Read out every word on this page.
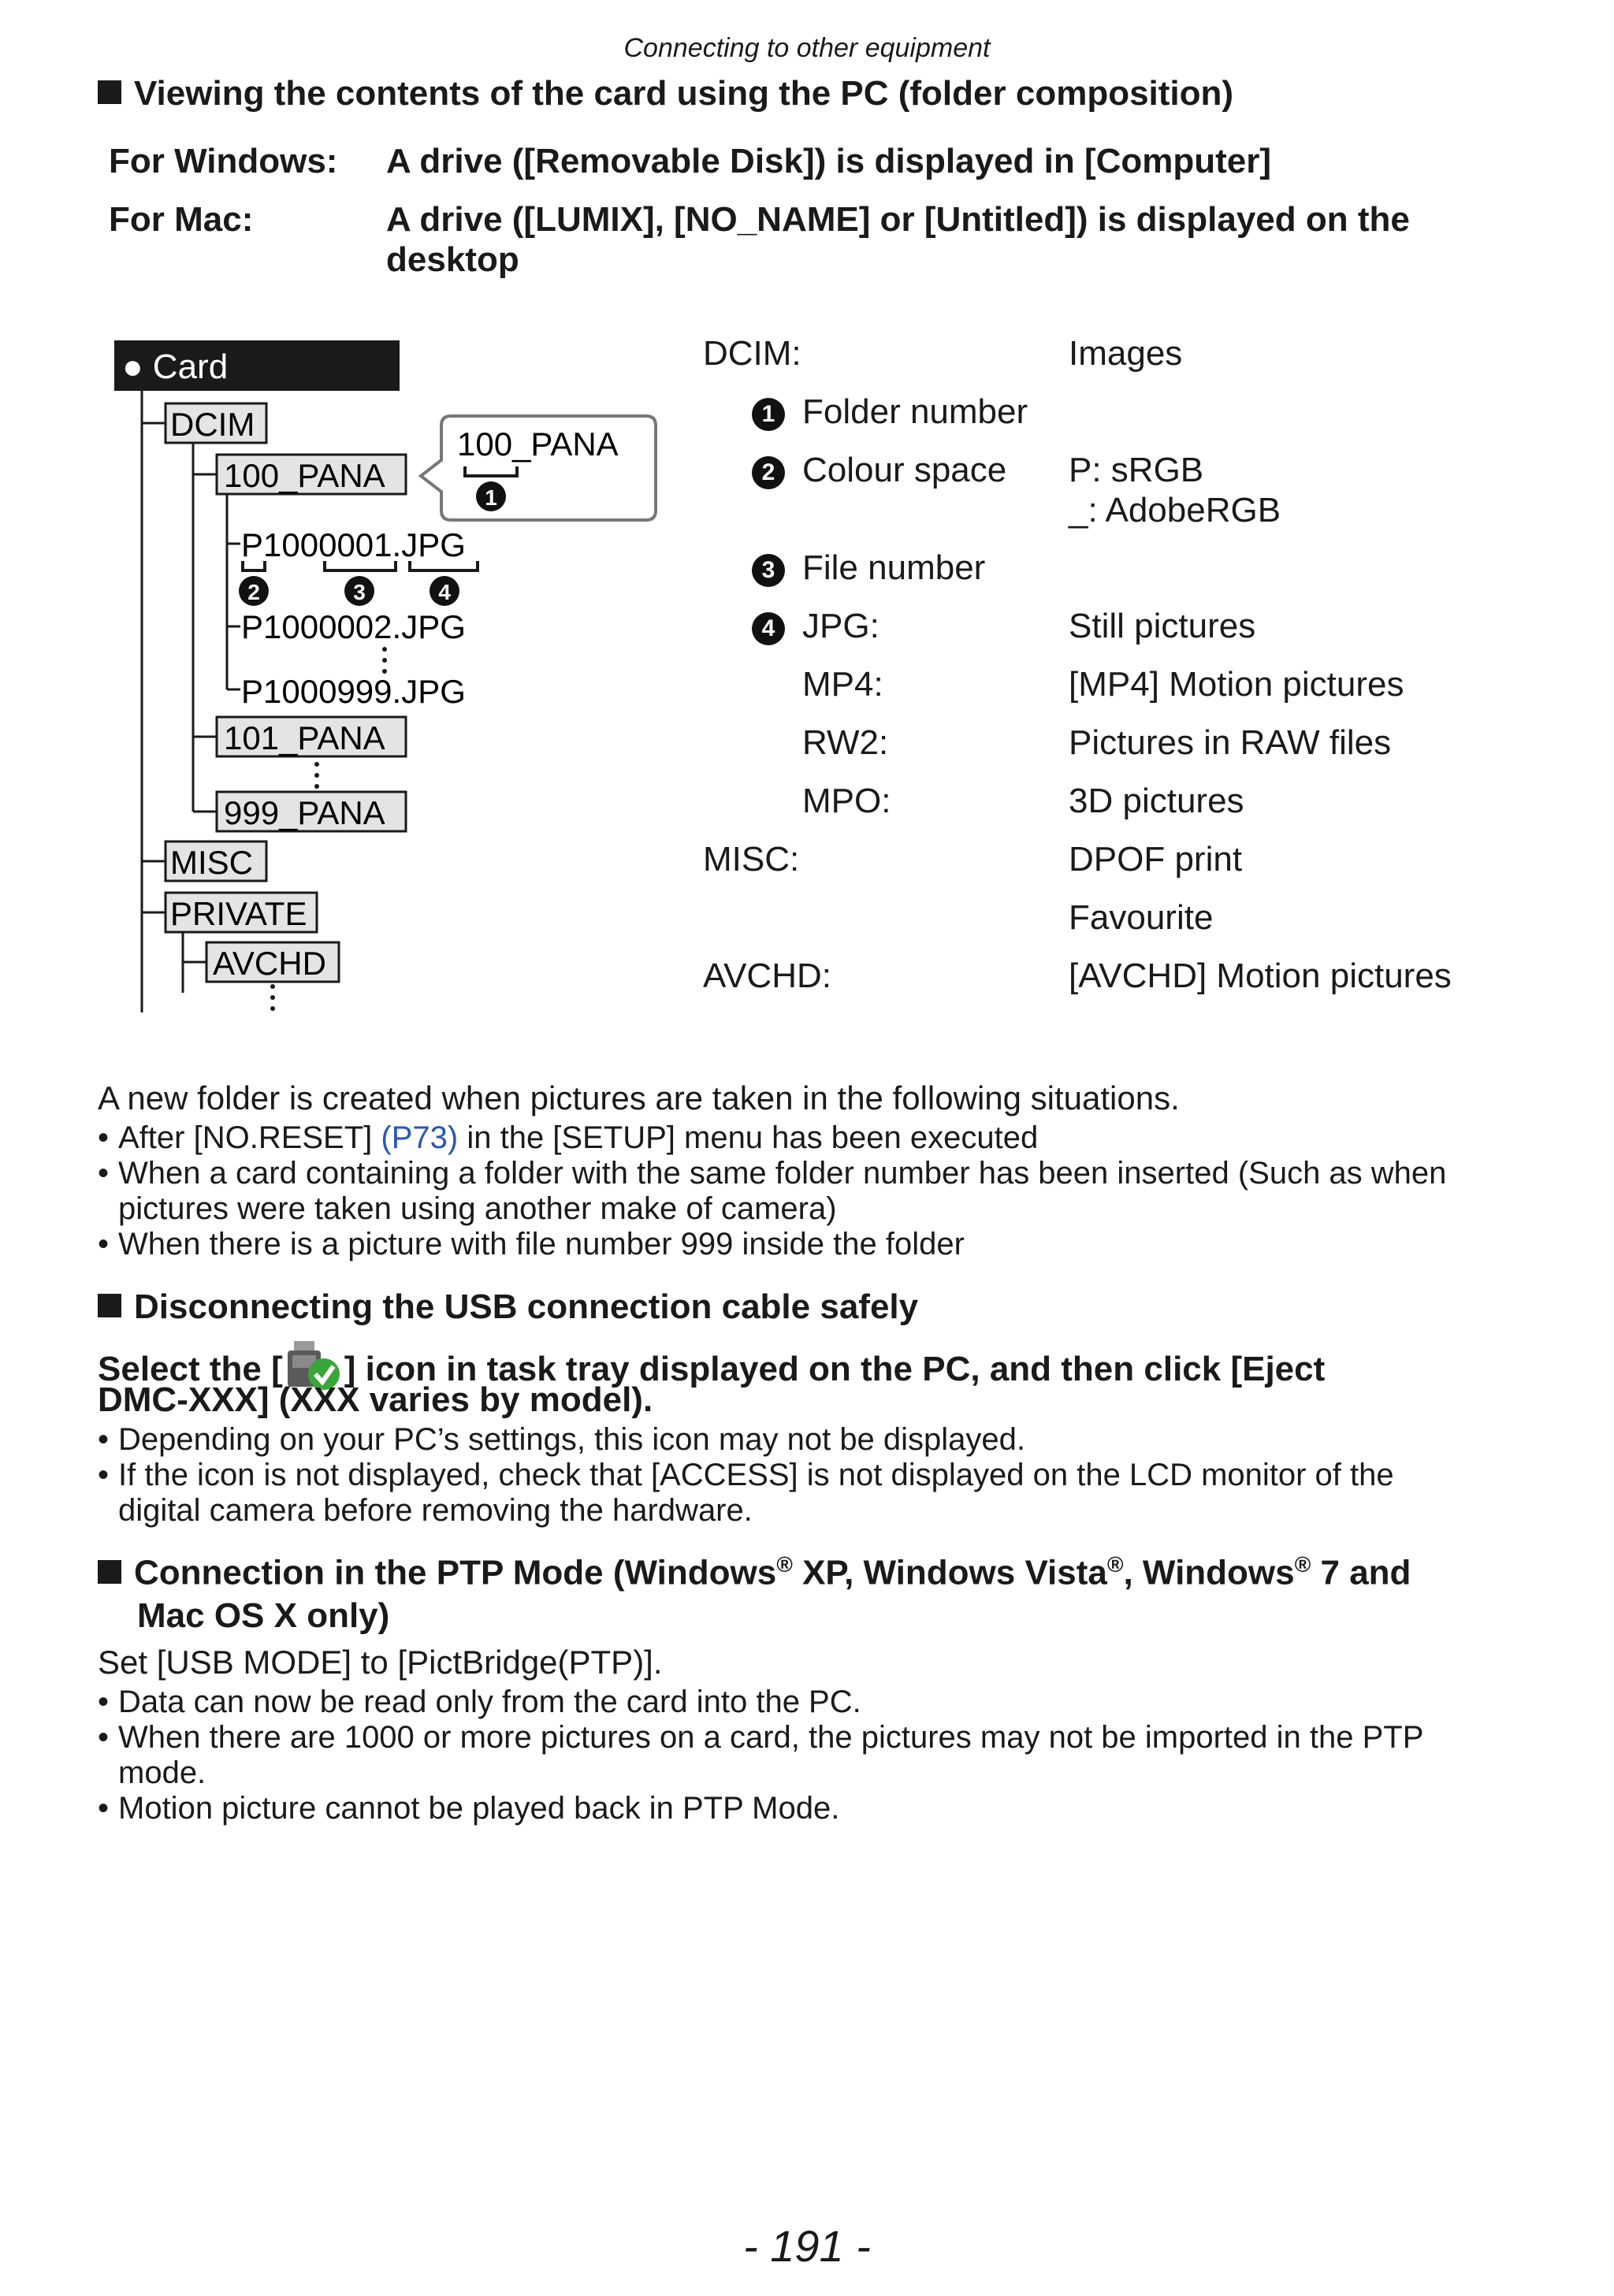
Connecting to other equipment
Viewing the contents of the card using the PC (folder composition)
For Windows: A drive ([Removable Disk]) is displayed in [Computer]
For Mac:	A drive ([LUMIX], [NO_NAME] or [Untitled]) is displayed on the
desktop
● Card
DCIM
100_PANA
100_PANA
1
P1000001.JPG
2	3	4
P1000002.JPG
P1000999.JPG
101_PANA
999_PANA
MISC
PRIVATE
AVCHD
DCIM:	Images
1 Folder number
2 Colour space P: sRGB
_: AdobeRGB
3 File number
4 JPG:	Still pictures
MP4:	[MP4] Motion pictures
RW2:	Pictures in RAW files
MPO:	3D pictures
MISC:	DPOF print
Favourite
AVCHD:	[AVCHD] Motion pictures
A new folder is created when pictures are taken in the following situations.
• After [NO.RESET] (P73) in the [SETUP] menu has been executed
• When a card containing a folder with the same folder number has been inserted (Such as when
pictures were taken using another make of camera)
• When there is a picture with file number 999 inside the folder
Disconnecting the USB connection cable safely
Select the [ ] icon in task tray displayed on the PC, and then click [Eject
DMC-XXX] (XXX varies by model).
• Depending on your PC’s settings, this icon may not be displayed.
• If the icon is not displayed, check that [ACCESS] is not displayed on the LCD monitor of the
digital camera before removing the hardware.
Connection in the PTP Mode (Windows® XP, Windows Vista®, Windows® 7 and
Mac OS X only)
Set [USB MODE] to [PictBridge(PTP)].
• Data can now be read only from the card into the PC.
• When there are 1000 or more pictures on a card, the pictures may not be imported in the PTP
mode.
• Motion picture cannot be played back in PTP Mode.
- 191 -
